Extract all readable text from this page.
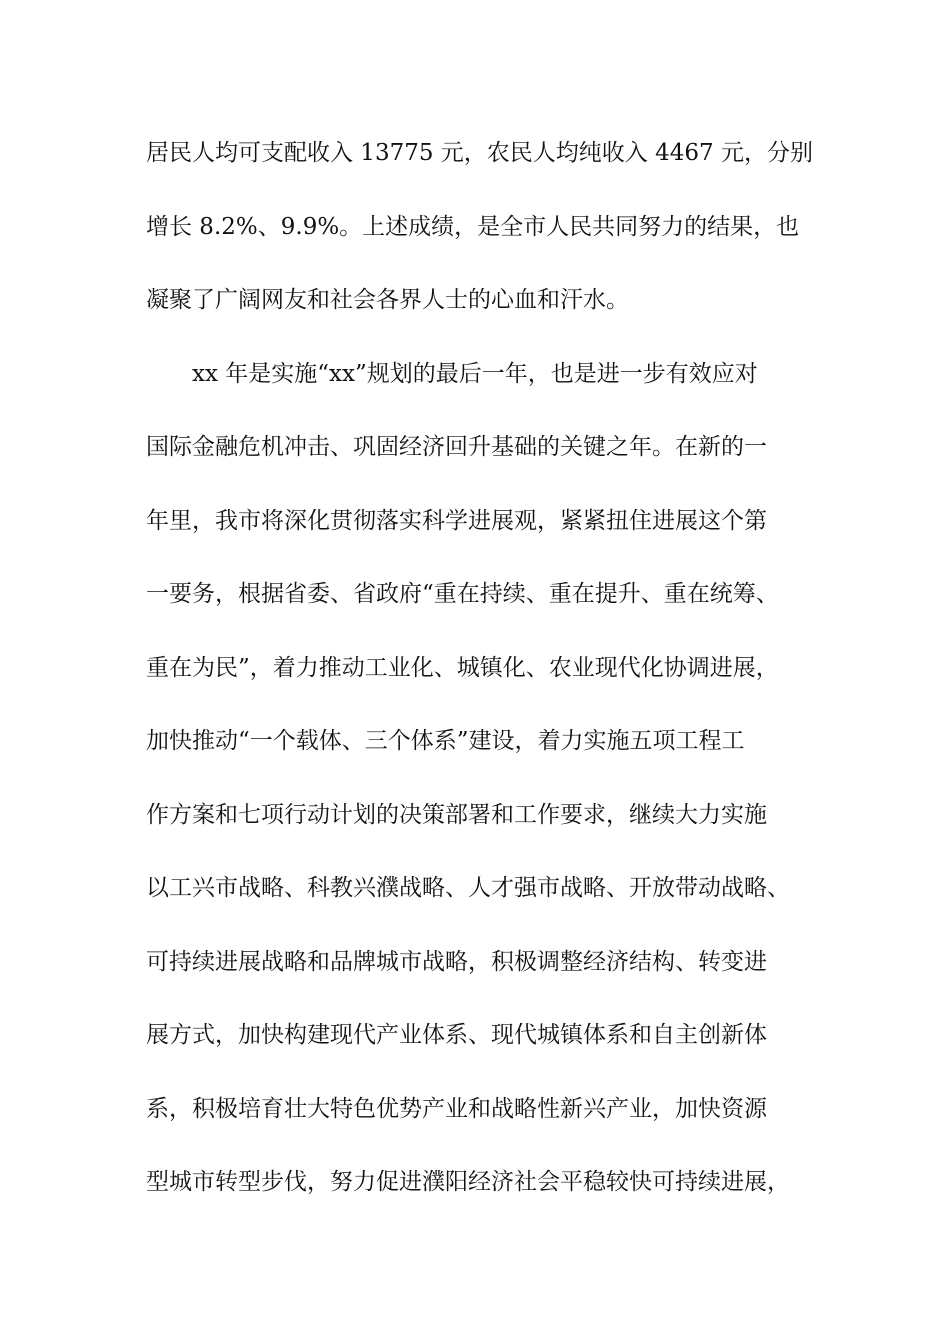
居民人均可支配收入 13775 元，农民人均纯收入 4467 元，分别
增长 8.2%、9.9%。上述成绩，是全市人民共同努力的结果，也
凝聚了广阔网友和社会各界人士的心血和汗水。
xx 年是实施“xx”规划的最后一年，也是进一步有效应对
国际金融危机冲击、巩固经济回升基础的关键之年。在新的一
年里，我市将深化贯彻落实科学进展观，紧紧扭住进展这个第
一要务，根据省委、省政府“重在持续、重在提升、重在统筹、
重在为民”，着力推动工业化、城镇化、农业现代化协调进展，
加快推动“一个载体、三个体系”建设，着力实施五项工程工
作方案和七项行动计划的决策部署和工作要求，继续大力实施
以工兴市战略、科教兴濮战略、人才强市战略、开放带动战略、
可持续进展战略和品牌城市战略，积极调整经济结构、转变进
展方式，加快构建现代产业体系、现代城镇体系和自主创新体
系，积极培育壮大特色优势产业和战略性新兴产业，加快资源
型城市转型步伐，努力促进濮阳经济社会平稳较快可持续进展，
